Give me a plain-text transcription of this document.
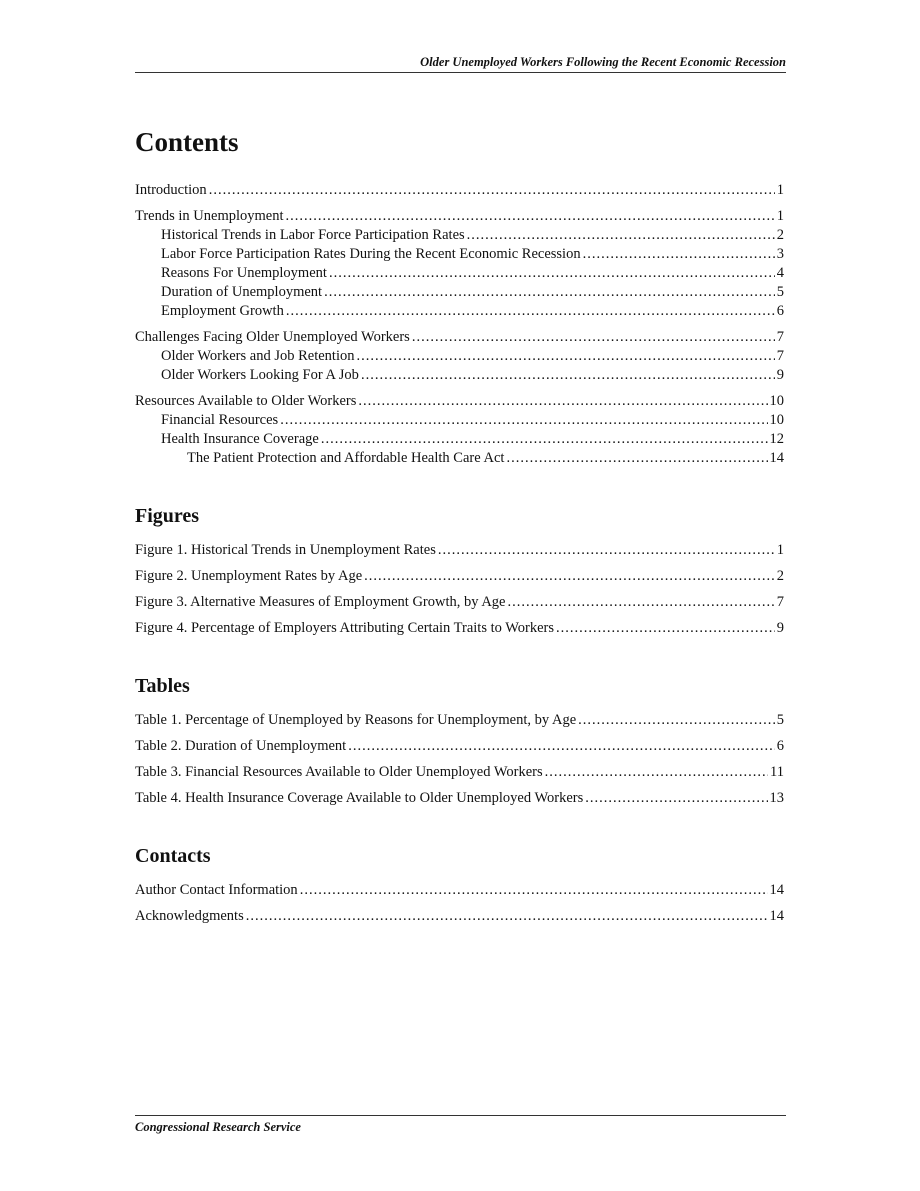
Older Unemployed Workers Following the Recent Economic Recession
Contents
Introduction .....	1
Trends in Unemployment .....	1
Historical Trends in Labor Force Participation Rates .....	2
Labor Force Participation Rates During the Recent Economic Recession .....	3
Reasons For Unemployment .....	4
Duration of Unemployment .....	5
Employment Growth .....	6
Challenges Facing Older Unemployed Workers .....	7
Older Workers and Job Retention .....	7
Older Workers Looking For A Job .....	9
Resources Available to Older Workers .....	10
Financial Resources .....	10
Health Insurance Coverage .....	12
The Patient Protection and Affordable Health Care Act .....	14
Figures
Figure 1. Historical Trends in Unemployment Rates .....	1
Figure 2. Unemployment Rates by Age .....	2
Figure 3. Alternative Measures of Employment Growth, by Age .....	7
Figure 4. Percentage of Employers Attributing Certain Traits to Workers .....	9
Tables
Table 1. Percentage of Unemployed by Reasons for Unemployment, by Age .....	5
Table 2. Duration of Unemployment .....	6
Table 3. Financial Resources Available to Older Unemployed Workers .....	11
Table 4. Health Insurance Coverage Available to Older Unemployed Workers .....	13
Contacts
Author Contact Information .....	14
Acknowledgments .....	14
Congressional Research Service
